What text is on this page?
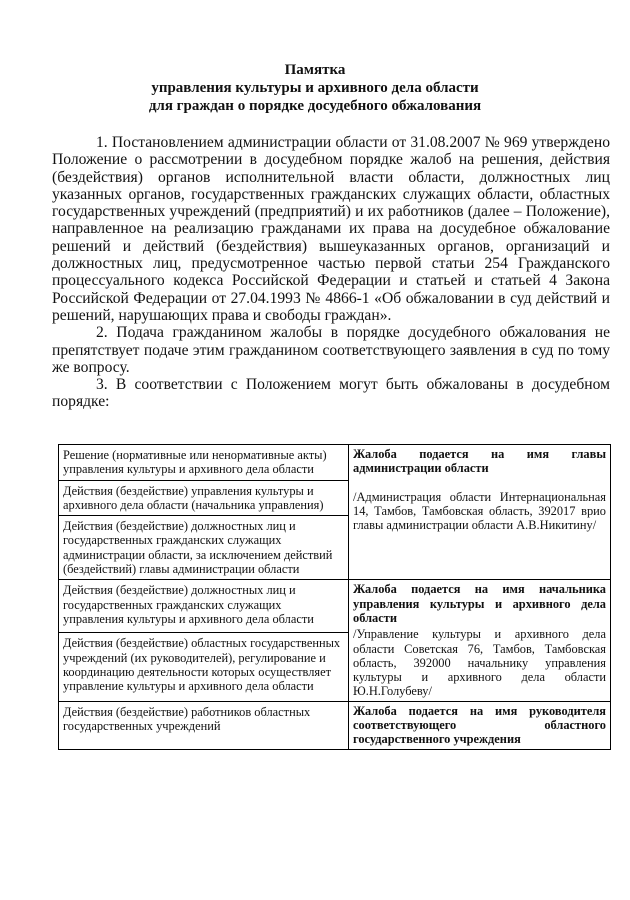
Памятка
управления культуры и архивного дела области
для граждан о порядке досудебного обжалования

1. Постановлением администрации области от 31.08.2007 № 969 утверждено Положение о рассмотрении в досудебном порядке жалоб на решения, действия (бездействия) органов исполнительной власти области, должностных лиц указанных органов, государственных гражданских служащих области, областных государственных учреждений (предприятий) и их работников (далее – Положение), направленное на реализацию гражданами их права на досудебное обжалование решений и действий (бездействия) вышеуказанных органов, организаций и должностных лиц, предусмотренное частью первой статьи 254 Гражданского процессуального кодекса Российской Федерации и статьей и статьей 4 Закона Российской Федерации от 27.04.1993 № 4866-1 «Об обжаловании в суд действий и решений, нарушающих права и свободы граждан».

2. Подача гражданином жалобы в порядке досудебного обжалования не препятствует подаче этим гражданином соответствующего заявления в суд по тому же вопросу.

3. В соответствии с Положением могут быть обжалованы в досудебном порядке:

Решение (нормативные или ненормативные акты) управления культуры и архивного дела области	Жалоба подается на имя главы администрации области
/Администрация области Интернациональная 14, Тамбов, Тамбовская область, 392017 врио главы администрации области А.В.Никитину/

Действия (бездействие) управления культуры и архивного дела области (начальника управления)	

Действия (бездействие) должностных лиц и государственных гражданских служащих администрации области, за исключением действий (бездействий) главы администрации области	

Действия (бездействие) должностных лиц и государственных гражданских служащих управления культуры и архивного дела области	Жалоба подается на имя начальника управления культуры и архивного дела области
/Управление культуры и архивного дела области Советская 76, Тамбов, Тамбовская область, 392000 начальнику управления культуры и архивного дела области Ю.Н.Голубеву/

Действия (бездействие) областных государственных учреждений (их руководителей), регулирование и координацию деятельности которых осуществляет управление культуры и архивного дела области	

Действия (бездействие) работников областных государственных учреждений	Жалоба подается на имя руководителя соответствующего областного государственного учреждения
